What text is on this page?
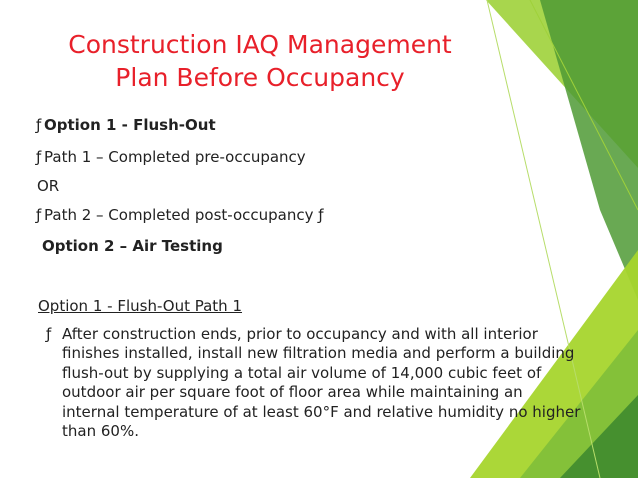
Construction IAQ Management
Plan Before Occupancy
ƒ Option 1 - Flush-Out
ƒ Path 1 – Completed pre-occupancy
OR
ƒ Path 2 – Completed post-occupancy ƒ
Option 2 – Air Testing
Option 1 - Flush-Out Path 1
ƒ After construction ends, prior to occupancy and with all interior finishes installed, install new filtration media and perform a building flush-out by supplying a total air volume of 14,000 cubic feet of outdoor air per square foot of floor area while maintaining an internal temperature of at least 60°F and relative humidity no higher than 60%.
